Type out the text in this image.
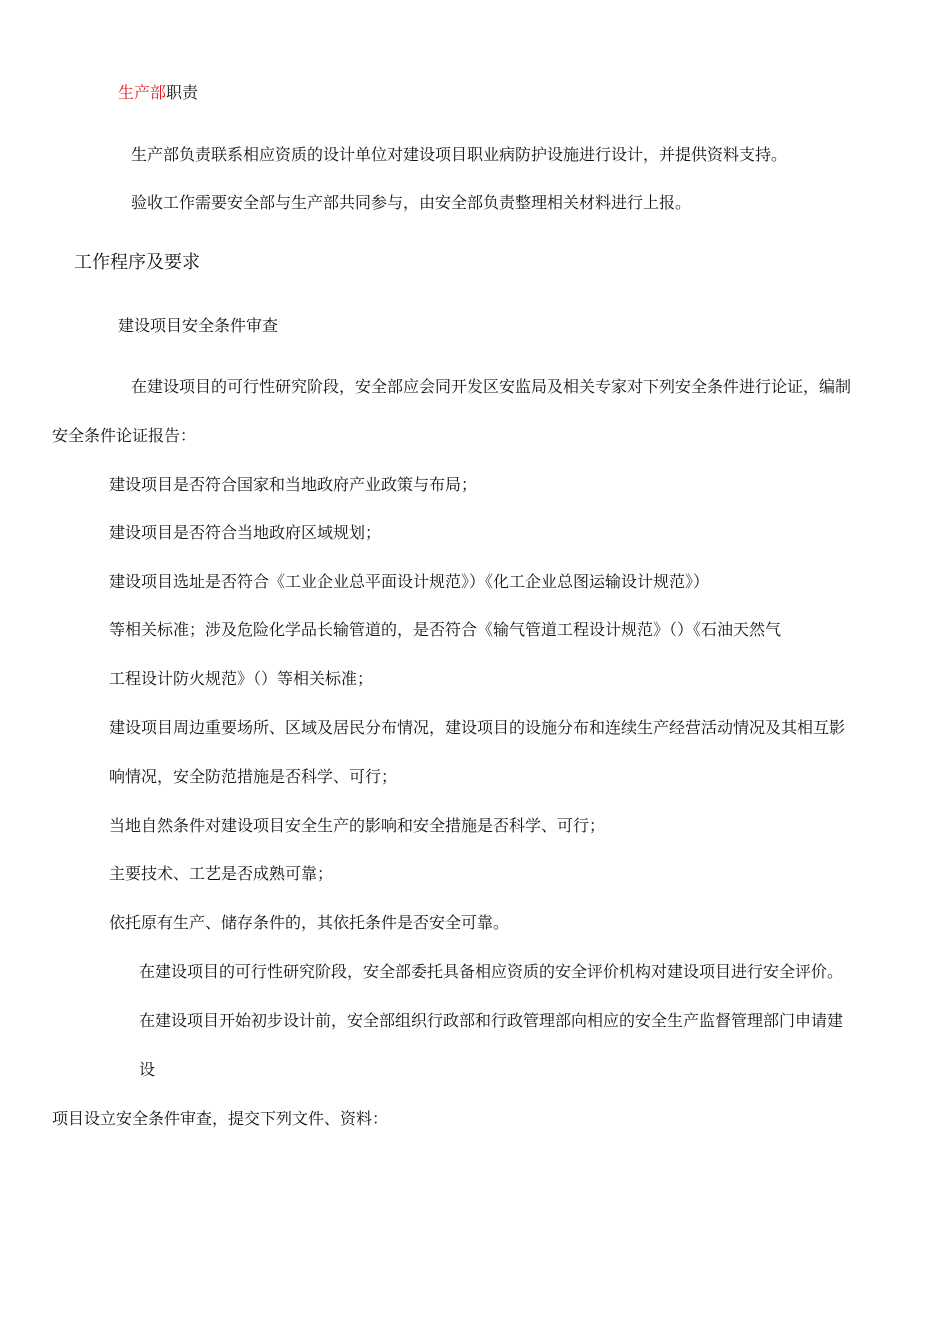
生产部职责
生产部负责联系相应资质的设计单位对建设项目职业病防护设施进行设计，并提供资料支持。
验收工作需要安全部与生产部共同参与，由安全部负责整理相关材料进行上报。
工作程序及要求
建设项目安全条件审查
在建设项目的可行性研究阶段，安全部应会同开发区安监局及相关专家对下列安全条件进行论证，编制
安全条件论证报告：
建设项目是否符合国家和当地政府产业政策与布局；
建设项目是否符合当地政府区域规划；
建设项目选址是否符合《工业企业总平面设计规范》）《化工企业总图运输设计规范》）
等相关标准；涉及危险化学品长输管道的，是否符合《输气管道工程设计规范》（）《石油天然气
工程设计防火规范》（）等相关标准；
建设项目周边重要场所、区域及居民分布情况，建设项目的设施分布和连续生产经营活动情况及其相互影
响情况，安全防范措施是否科学、可行；
当地自然条件对建设项目安全生产的影响和安全措施是否科学、可行；
主要技术、工艺是否成熟可靠；
依托原有生产、储存条件的，其依托条件是否安全可靠。
在建设项目的可行性研究阶段，安全部委托具备相应资质的安全评价机构对建设项目进行安全评价。
在建设项目开始初步设计前，安全部组织行政部和行政管理部向相应的安全生产监督管理部门申请建
设
项目设立安全条件审查，提交下列文件、资料：
